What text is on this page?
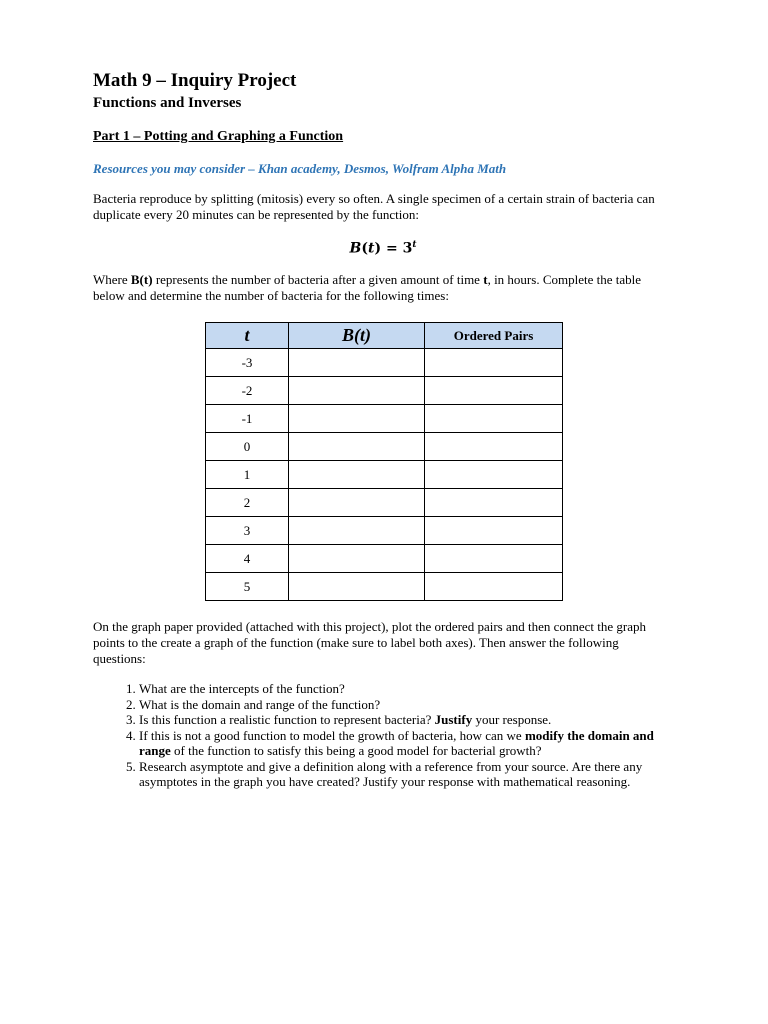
Math 9 – Inquiry Project
Functions and Inverses

Part 1 – Potting and Graphing a Function

Resources you may consider – Khan academy, Desmos, Wolfram Alpha Math

Bacteria reproduce by splitting (mitosis) every so often. A single specimen of a certain strain of bacteria can duplicate every 20 minutes can be represented by the function:

$B(t) = 3^t$

Where B(t) represents the number of bacteria after a given amount of time t, in hours. Complete the table below and determine the number of bacteria for the following times:

t	B(t)	Ordered Pairs
-3		
-2		
-1		
0		
1		
2		
3		
4		
5		

On the graph paper provided (attached with this project), plot the ordered pairs and then connect the graph points to the create a graph of the function (make sure to label both axes). Then answer the following questions:

1. What are the intercepts of the function?
2. What is the domain and range of the function?
3. Is this function a realistic function to represent bacteria? Justify your response.
4. If this is not a good function to model the growth of bacteria, how can we modify the domain and range of the function to satisfy this being a good model for bacterial growth?
5. Research asymptote and give a definition along with a reference from your source. Are there any asymptotes in the graph you have created? Justify your response with mathematical reasoning.
